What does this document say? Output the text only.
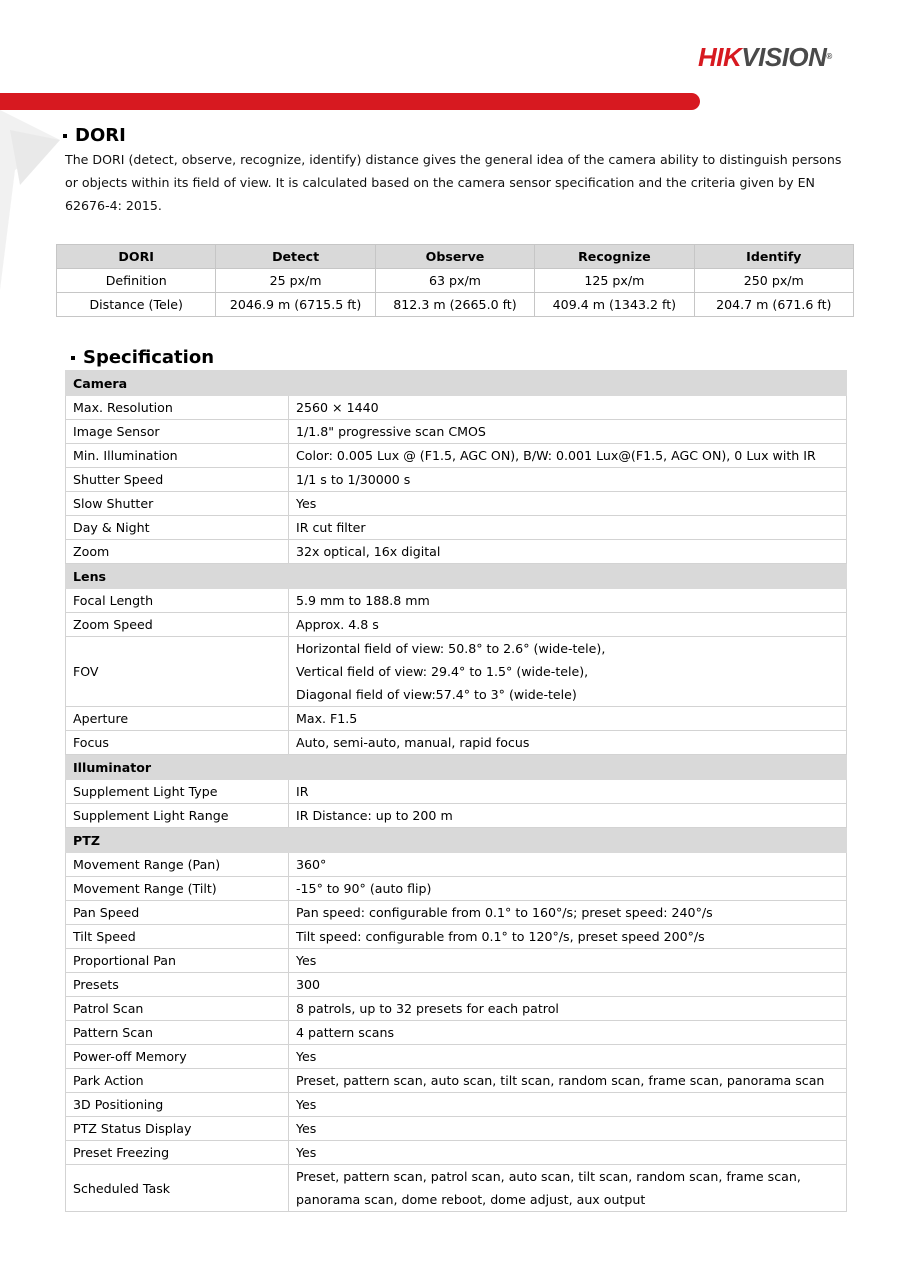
HIKVISION®
DORI
The DORI (detect, observe, recognize, identify) distance gives the general idea of the camera ability to distinguish persons or objects within its field of view. It is calculated based on the camera sensor specification and the criteria given by EN 62676-4: 2015.
DORI	Detect	Observe	Recognize	Identify
Definition	25 px/m	63 px/m	125 px/m	250 px/m
Distance (Tele)	2046.9 m (6715.5 ft)	812.3 m (2665.0 ft)	409.4 m (1343.2 ft)	204.7 m (671.6 ft)
Specification
Camera	
Max. Resolution	2560 × 1440

Image Sensor	1/1.8" progressive scan CMOS

Min. Illumination	Color: 0.005 Lux @ (F1.5, AGC ON), B/W: 0.001 Lux@(F1.5, AGC ON), 0 Lux with IR

Shutter Speed	1/1 s to 1/30000 s

Slow Shutter	Yes

Day & Night	IR cut filter

Zoom	32x optical, 16x digital

Lens	
Focal Length	5.9 mm to 188.8 mm

Zoom Speed	Approx. 4.8 s

FOV	Horizontal field of view: 50.8° to 2.6° (wide-tele),
Vertical field of view: 29.4° to 1.5° (wide-tele),
Diagonal field of view:57.4° to 3° (wide-tele)

Aperture	Max. F1.5

Focus	Auto, semi-auto, manual, rapid focus

Illuminator	
Supplement Light Type	IR

Supplement Light Range	IR Distance: up to 200 m

PTZ	
Movement Range (Pan)	360°

Movement Range (Tilt)	-15° to 90° (auto flip)

Pan Speed	Pan speed: configurable from 0.1° to 160°/s; preset speed: 240°/s

Tilt Speed	Tilt speed: configurable from 0.1° to 120°/s, preset speed 200°/s

Proportional Pan	Yes

Presets	300

Patrol Scan	8 patrols, up to 32 presets for each patrol

Pattern Scan	4 pattern scans

Power-off Memory	Yes

Park Action	Preset, pattern scan, auto scan, tilt scan, random scan, frame scan, panorama scan

3D Positioning	Yes

PTZ Status Display	Yes

Preset Freezing	Yes

Scheduled Task	Preset, pattern scan, patrol scan, auto scan, tilt scan, random scan, frame scan,
panorama scan, dome reboot, dome adjust, aux output
